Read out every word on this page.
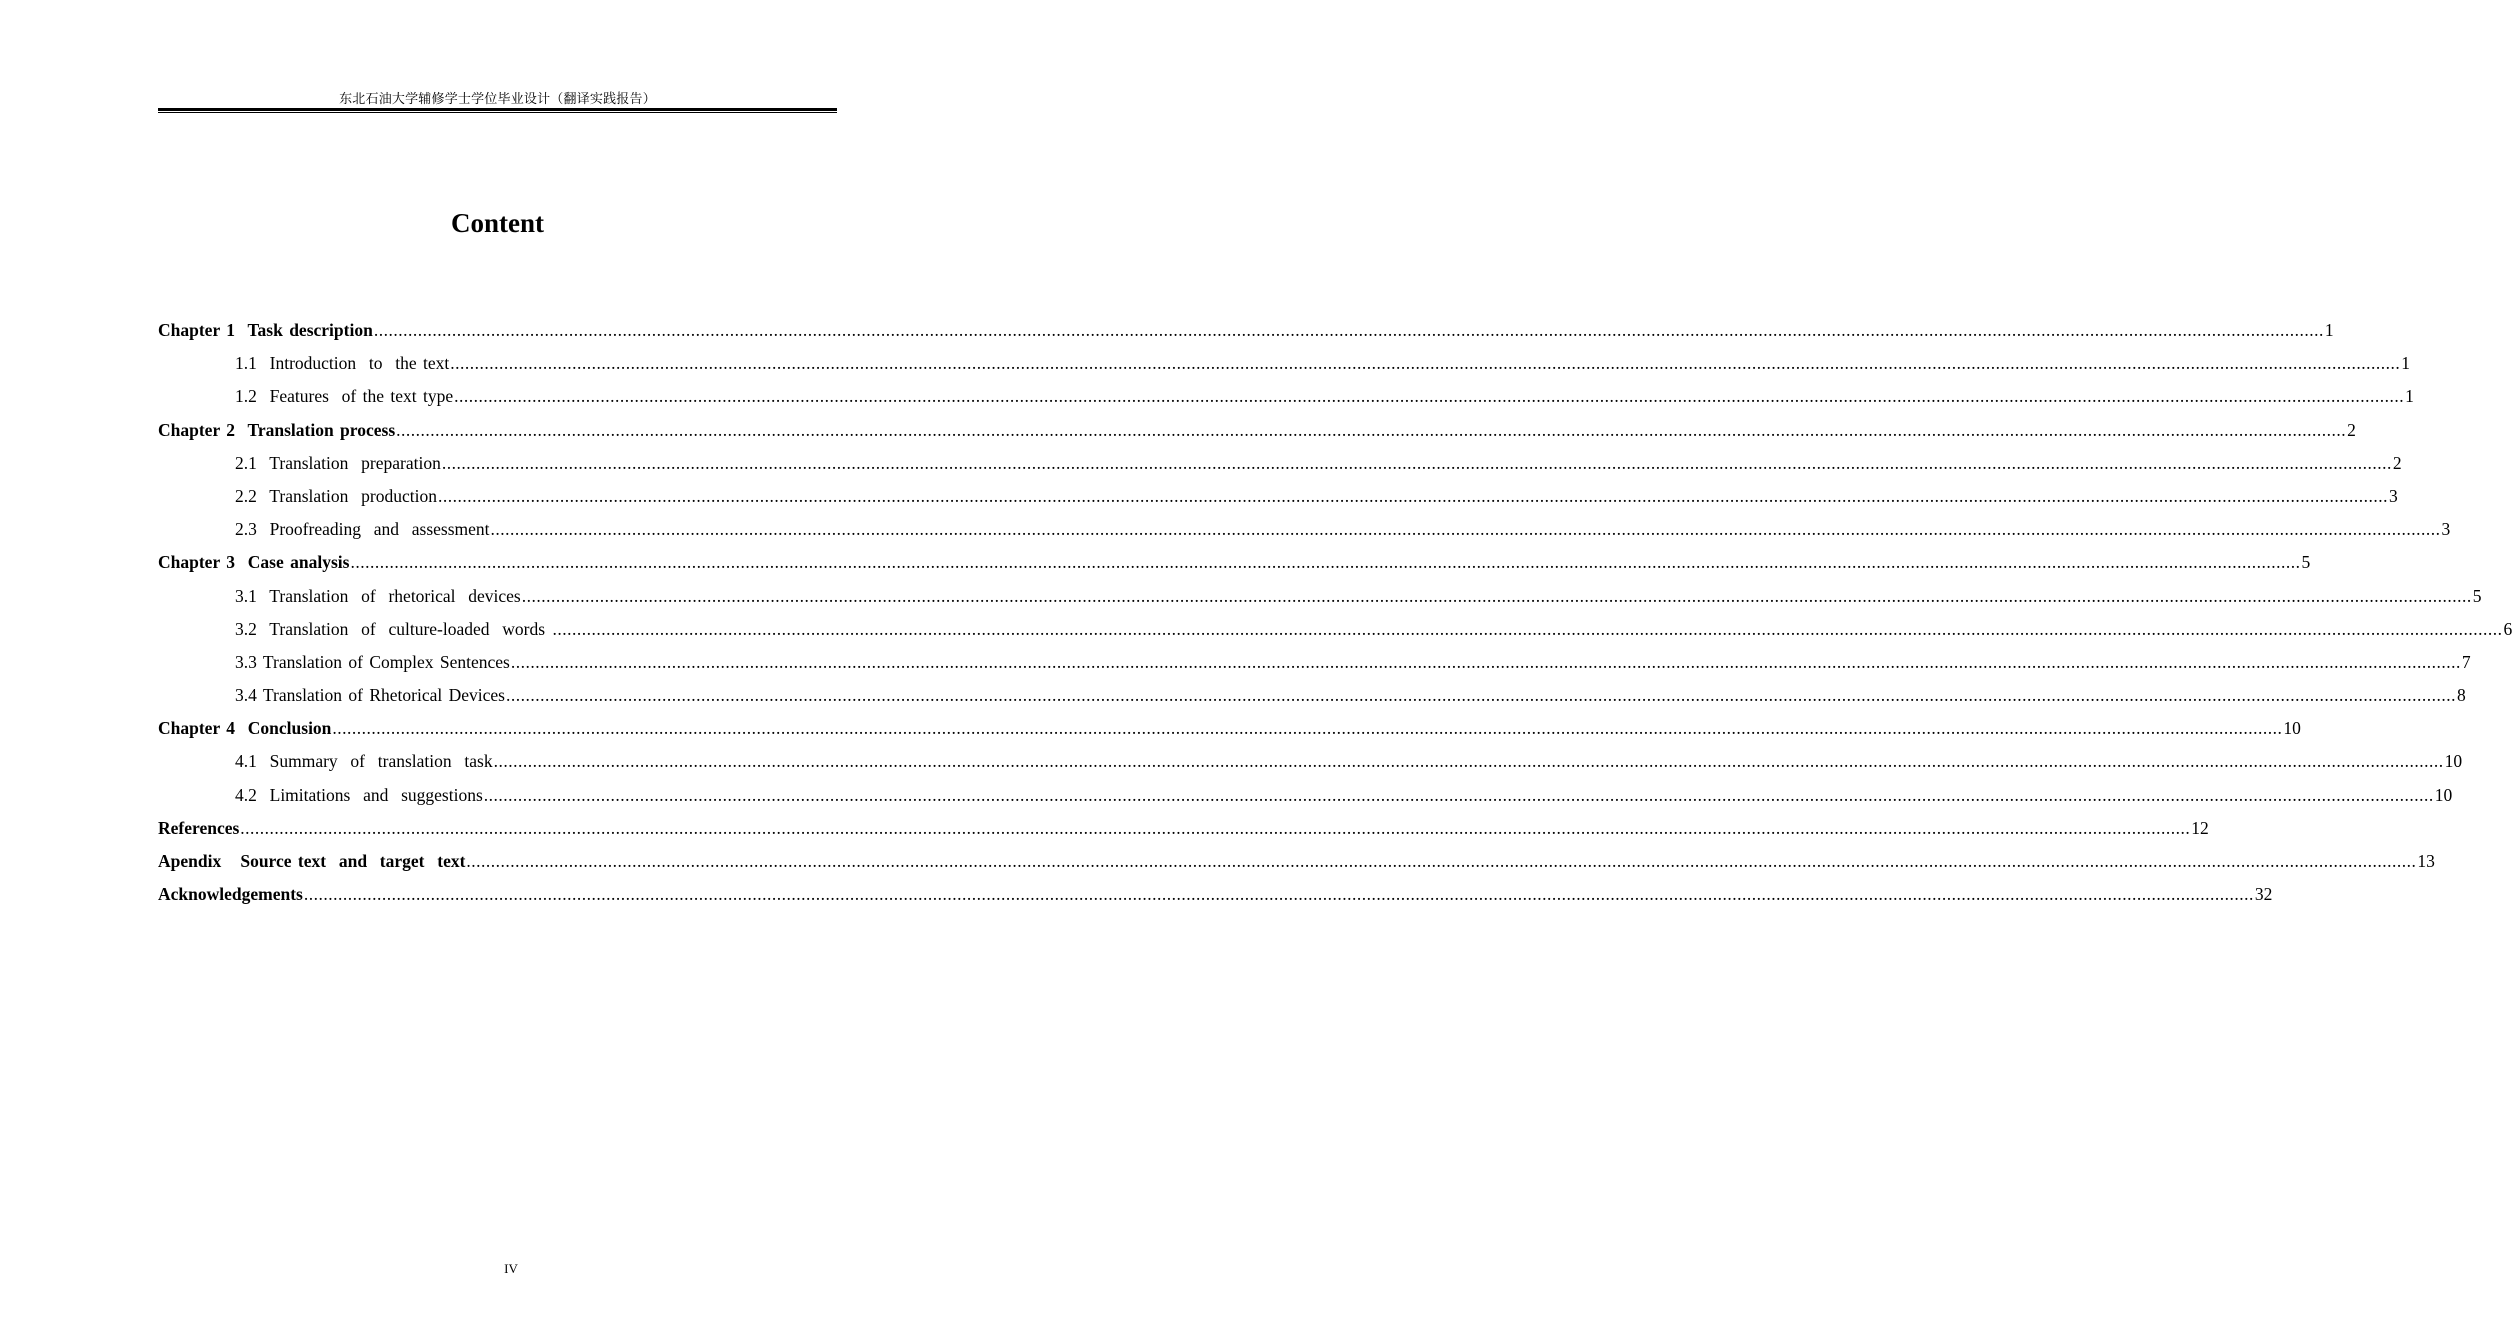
东北石油大学辅修学士学位毕业设计（翻译实践报告）
Content
Chapter 1  Task description ................................................................................................................................................................................................................................................................................................................................................................................................................ 1
1.1  Introduction  to  the text ................................................................................................................................................................................................................................................................................................................................................................................................................ 1
1.2  Features  of the text type ................................................................................................................................................................................................................................................................................................................................................................................................................ 1
Chapter 2  Translation process ................................................................................................................................................................................................................................................................................................................................................................................................................ 2
2.1  Translation  preparation ................................................................................................................................................................................................................................................................................................................................................................................................................ 2
2.2  Translation  production ................................................................................................................................................................................................................................................................................................................................................................................................................ 3
2.3  Proofreading  and  assessment ................................................................................................................................................................................................................................................................................................................................................................................................................ 3
Chapter 3  Case analysis ................................................................................................................................................................................................................................................................................................................................................................................................................ 5
3.1  Translation  of  rhetorical  devices ................................................................................................................................................................................................................................................................................................................................................................................................................ 5
3.2  Translation  of  culture-loaded  words ................................................................................................................................................................................................................................................................................................................................................................................................................ 6
3.3 Translation of Complex Sentences ................................................................................................................................................................................................................................................................................................................................................................................................................ 7
3.4 Translation of Rhetorical Devices ................................................................................................................................................................................................................................................................................................................................................................................................................ 8
Chapter 4  Conclusion ................................................................................................................................................................................................................................................................................................................................................................................................................ 10
4.1  Summary  of  translation  task ................................................................................................................................................................................................................................................................................................................................................................................................................ 10
4.2  Limitations  and  suggestions ................................................................................................................................................................................................................................................................................................................................................................................................................ 10
References ................................................................................................................................................................................................................................................................................................................................................................................................................ 12
Apendix   Source text  and  target  text ................................................................................................................................................................................................................................................................................................................................................................................................................ 13
Acknowledgements ................................................................................................................................................................................................................................................................................................................................................................................................................ 32
IV
